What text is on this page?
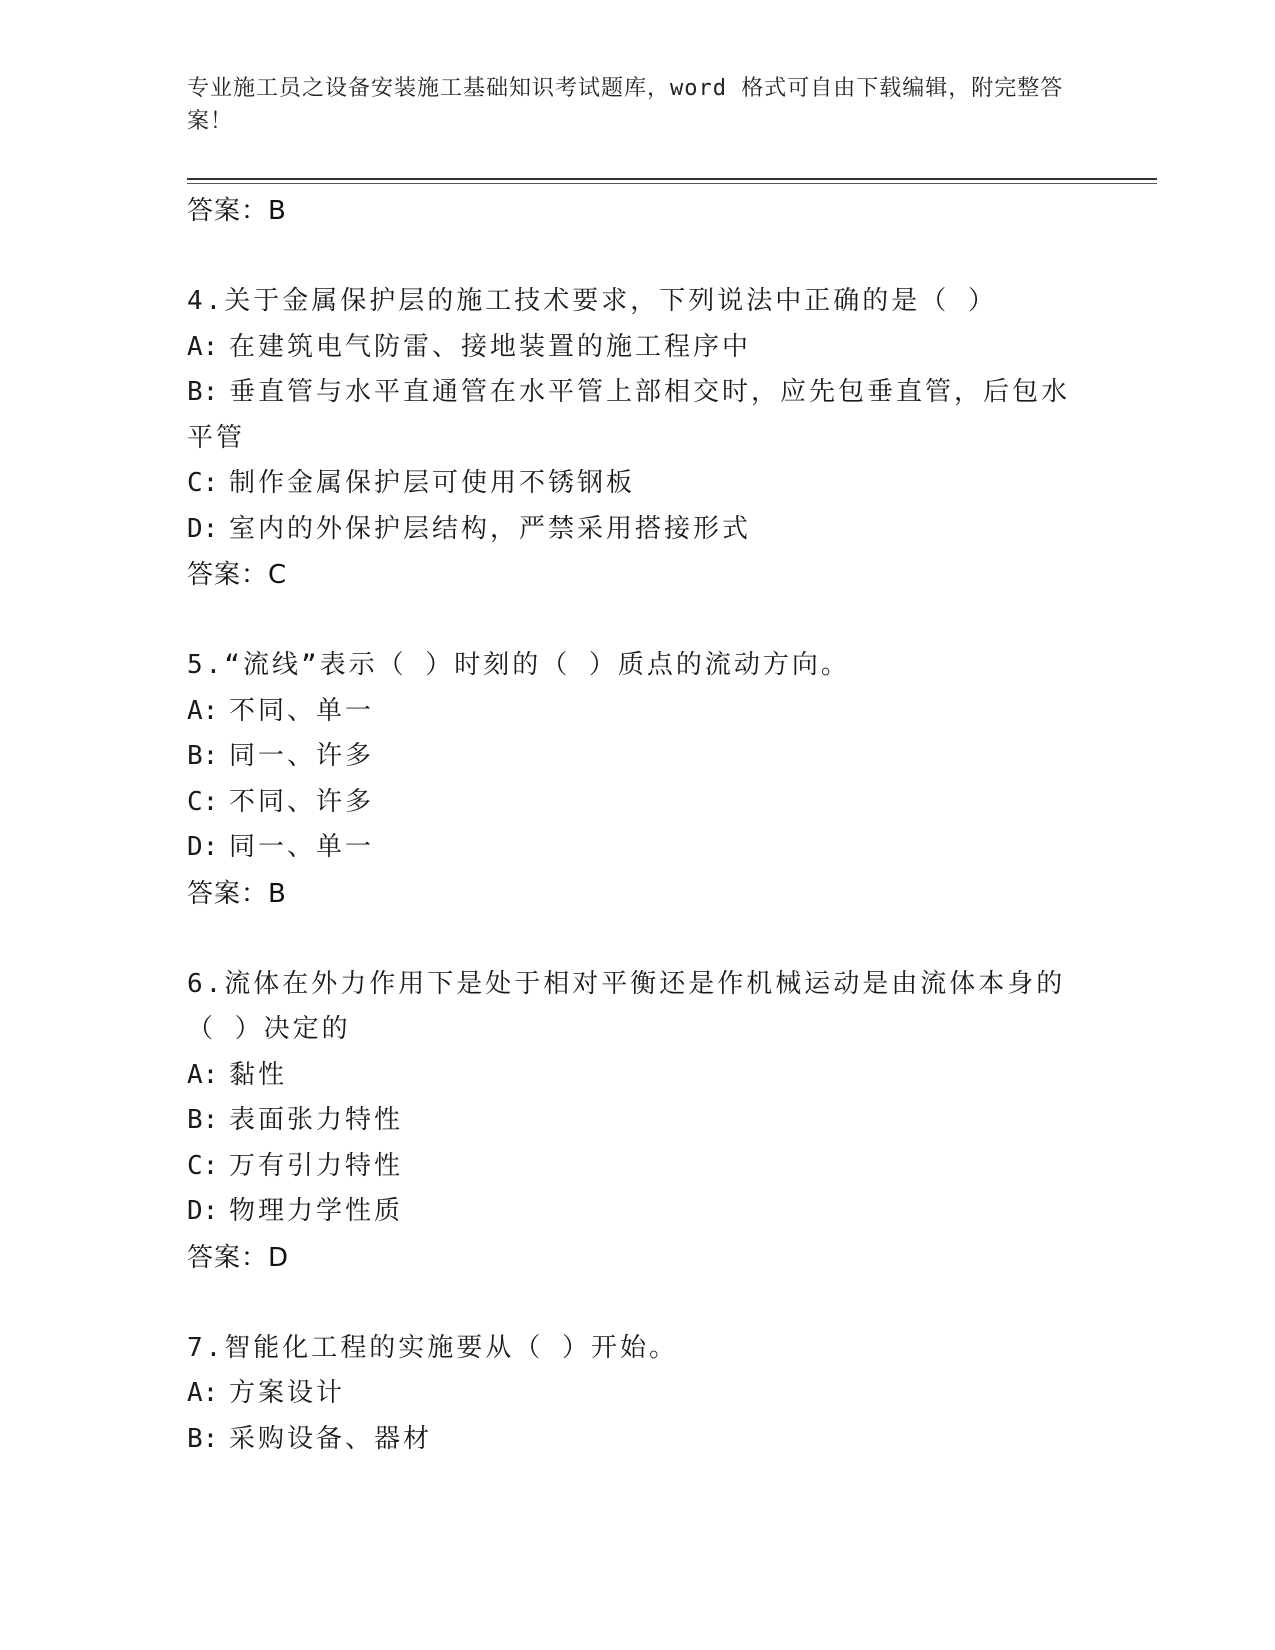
专业施工员之设备安装施工基础知识考试题库，word 格式可自由下载编辑，附完整答案！
答案：B
4.关于金属保护层的施工技术要求，下列说法中正确的是（ ）
A: 在建筑电气防雷、接地装置的施工程序中
B: 垂直管与水平直通管在水平管上部相交时，应先包垂直管，后包水平管
C: 制作金属保护层可使用不锈钢板
D: 室内的外保护层结构，严禁采用搭接形式
答案：C
5.“流线”表示（ ）时刻的（ ）质点的流动方向。
A: 不同、单一
B: 同一、许多
C: 不同、许多
D: 同一、单一
答案：B
6.流体在外力作用下是处于相对平衡还是作机械运动是由流体本身的（ ）决定的
A: 黏性
B: 表面张力特性
C: 万有引力特性
D: 物理力学性质
答案：D
7.智能化工程的实施要从（ ）开始。
A: 方案设计
B: 采购设备、器材
